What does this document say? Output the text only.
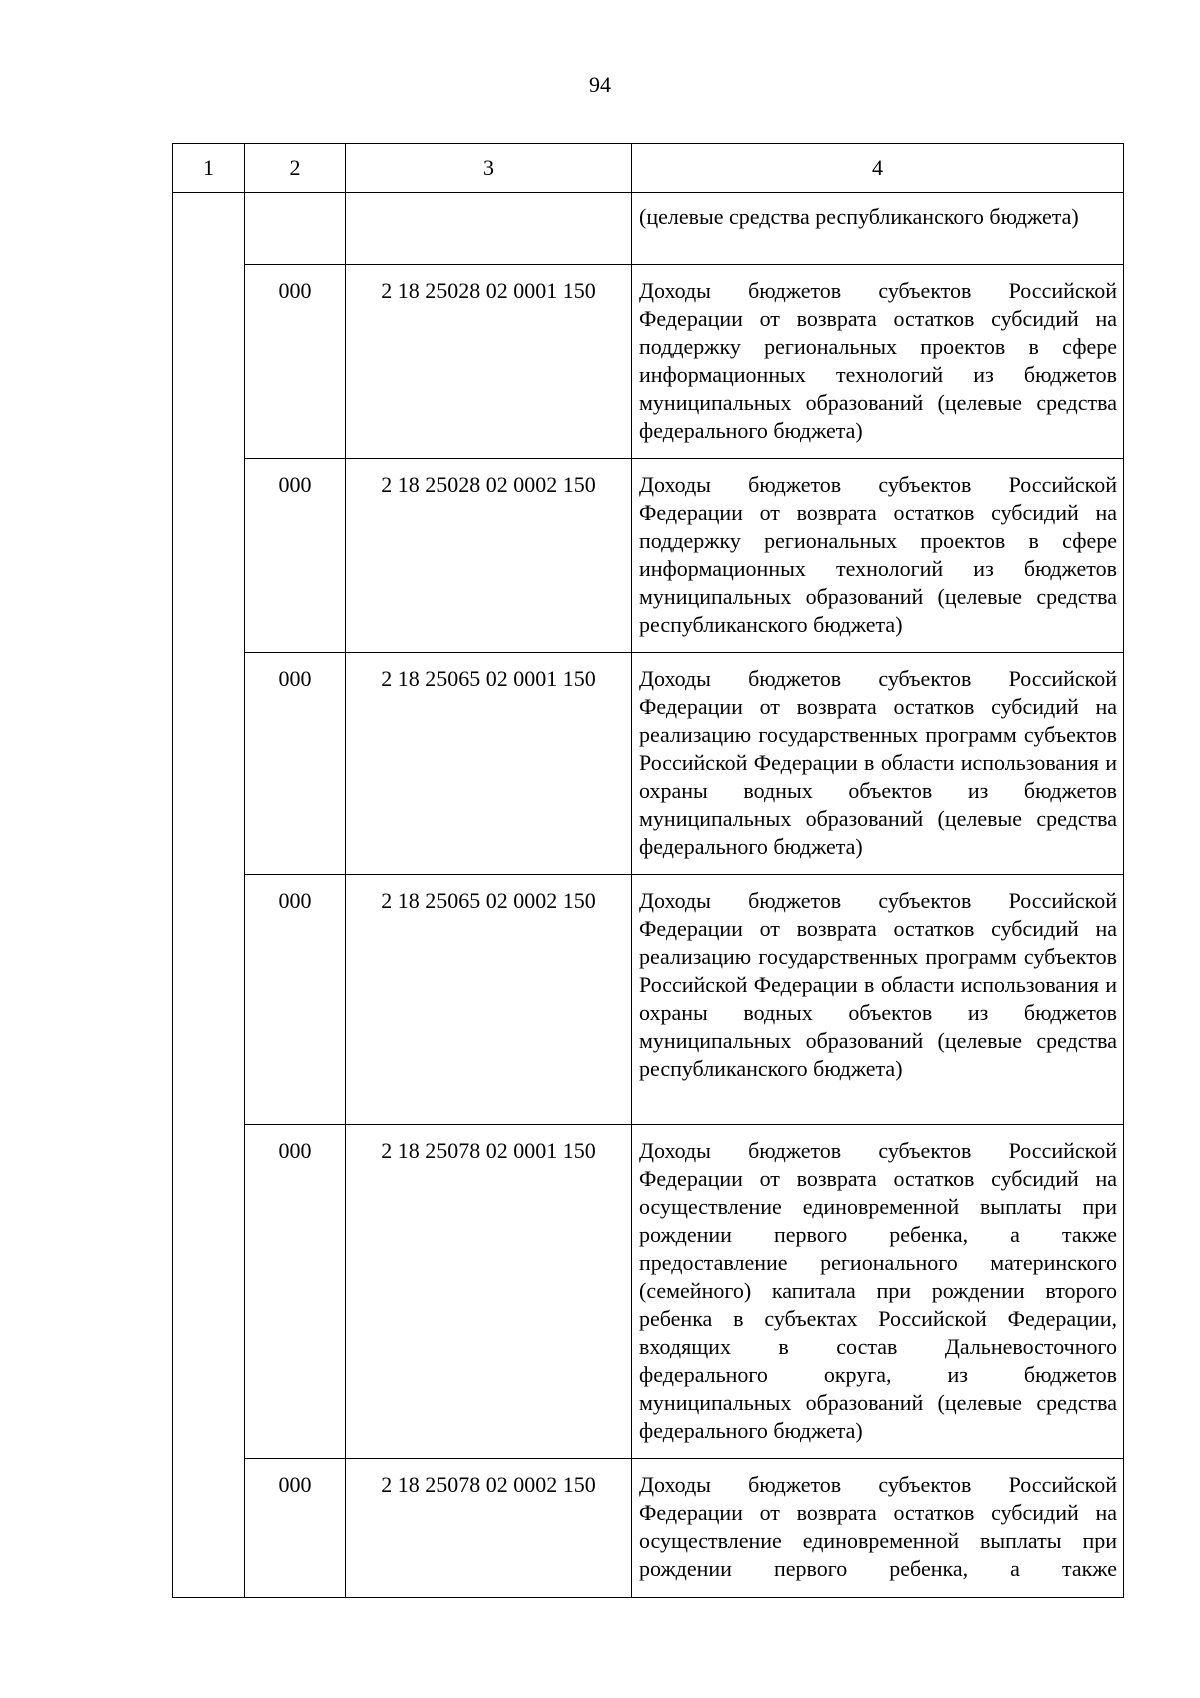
94
1	2	3	4
			(целевые средства республиканского бюджета)
	000	2 18 25028 02 0001 150	Доходы бюджетов субъектов Российской Федерации от возврата остатков субсидий на поддержку региональных проектов в сфере информационных технологий из бюджетов муниципальных образований (целевые средства федерального бюджета)
	000	2 18 25028 02 0002 150	Доходы бюджетов субъектов Российской Федерации от возврата остатков субсидий на поддержку региональных проектов в сфере информационных технологий из бюджетов муниципальных образований (целевые средства республиканского бюджета)
	000	2 18 25065 02 0001 150	Доходы бюджетов субъектов Российской Федерации от возврата остатков субсидий на реализацию государственных программ субъектов Российской Федерации в области использования и охраны водных объектов из бюджетов муниципальных образований (целевые средства федерального бюджета)
	000	2 18 25065 02 0002 150	Доходы бюджетов субъектов Российской Федерации от возврата остатков субсидий на реализацию государственных программ субъектов Российской Федерации в области использования и охраны водных объектов из бюджетов муниципальных образований (целевые средства республиканского бюджета)
	000	2 18 25078 02 0001 150	Доходы бюджетов субъектов Российской Федерации от возврата остатков субсидий на осуществление единовременной выплаты при рождении первого ребенка, а также предоставление регионального материнского (семейного) капитала при рождении второго ребенка в субъектах Российской Федерации, входящих в состав Дальневосточного федерального округа, из бюджетов муниципальных образований (целевые средства федерального бюджета)
	000	2 18 25078 02 0002 150	Доходы бюджетов субъектов Российской Федерации от возврата остатков субсидий на осуществление единовременной выплаты при рождении первого ребенка, а также
